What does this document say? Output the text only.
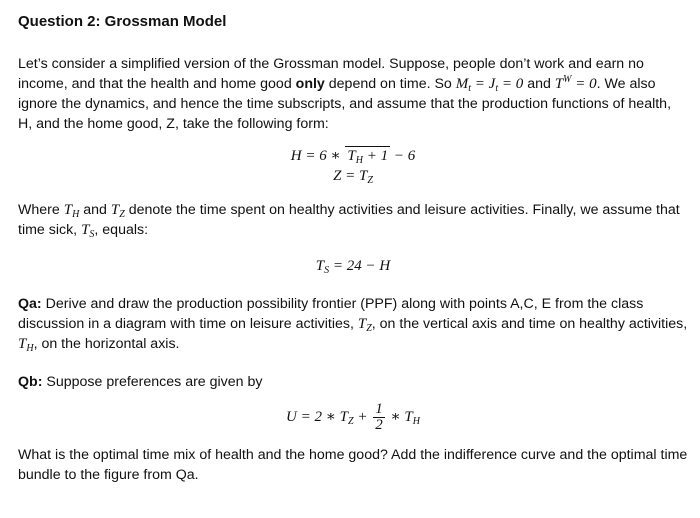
Question 2: Grossman Model

Let’s consider a simplified version of the Grossman model. Suppose, people don’t work and earn no income, and that the health and home good only depend on time. So $M_t = J_t = 0$ and $T^W = 0$. We also ignore the dynamics, and hence the time subscripts, and assume that the production functions of health, H, and the home good, Z, take the following form:

H = 6 ∗ $T_H + 1 - 6$
$Z = T_Z$

Where $T_H$ and $T_Z$ denote the time spent on healthy activities and leisure activities. Finally, we assume that time sick, $T_S$, equals:

$T_S = 24 - H$

Qa: Derive and draw the production possibility frontier (PPF) along with points A,C, E from the class discussion in a diagram with time on leisure activities, $T_Z$, on the vertical axis and time on healthy activities, $T_H$, on the horizontal axis.

Qb: Suppose preferences are given by

U = 2 ∗ $T_Z + \frac{1}{2}$ ∗ $T_H$

What is the optimal time mix of health and the home good? Add the indifference curve and the optimal time bundle to the figure from Qa.
